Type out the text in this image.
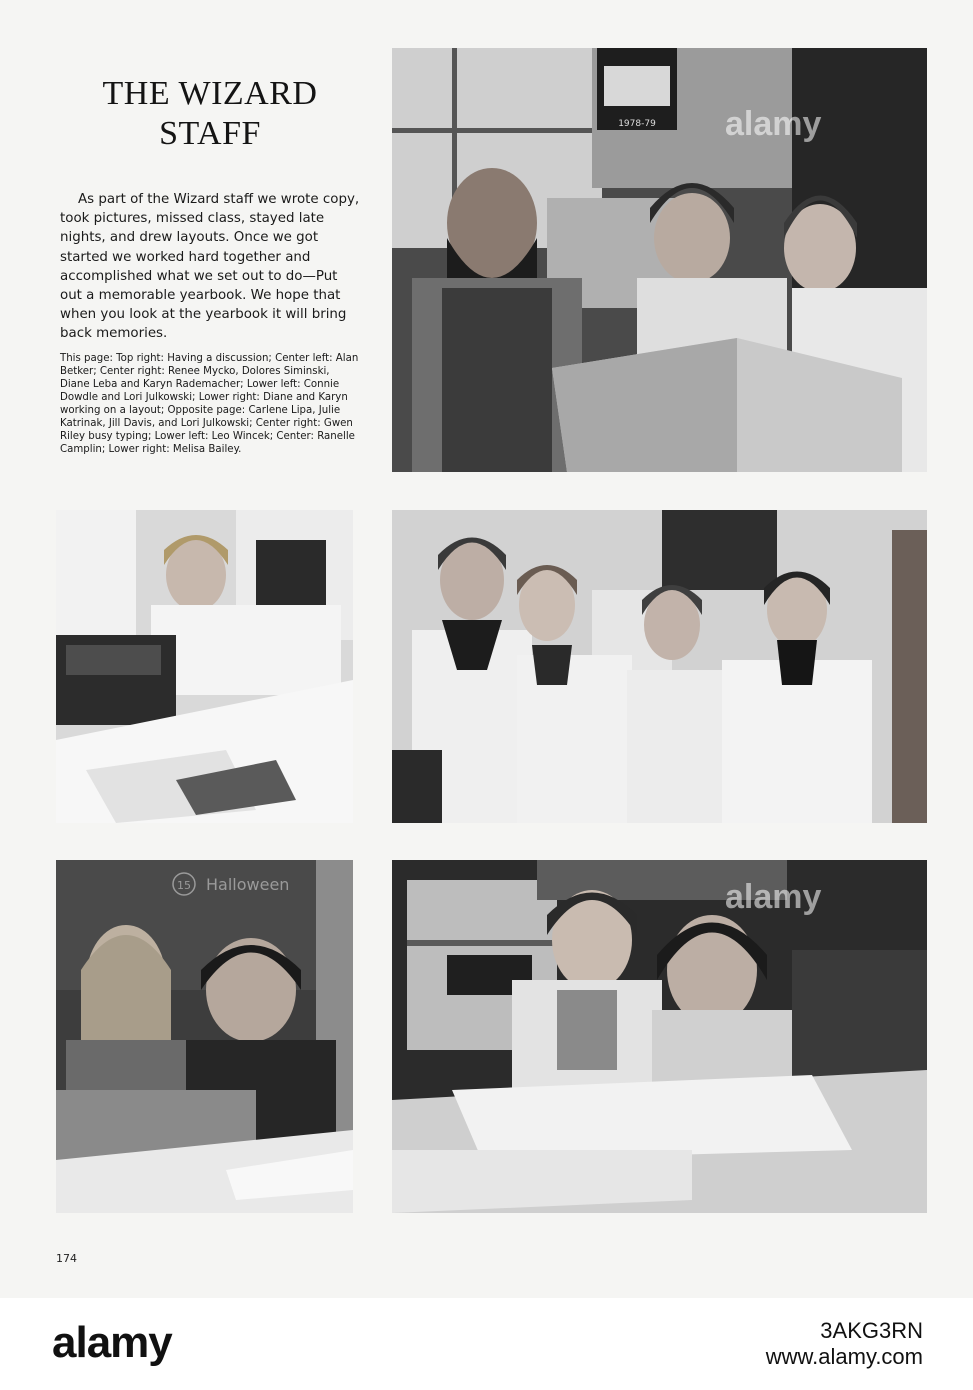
THE WIZARD
STAFF

As part of the Wizard staff we wrote copy, took pictures, missed class, stayed late nights, and drew layouts. Once we got started we worked hard together and accomplished what we set out to do—Put out a memorable yearbook. We hope that when you look at the yearbook it will bring back memories.

This page: Top right: Having a discussion; Center left: Alan Betker; Center right: Renee Mycko, Dolores Siminski, Diane Leba and Karyn Rademacher; Lower left: Connie Dowdle and Lori Julkowski; Lower right: Diane and Karyn working on a layout; Opposite page: Carlene Lipa, Julie Katrinak, Jill Davis, and Lori Julkowski; Center right: Gwen Riley busy typing; Lower left: Leo Wincek; Center: Ranelle Camplin; Lower right: Melisa Bailey.

1978-79
Halloween
15
alamy
alamy
174
alamy	3AKG3RN
www.alamy.com
